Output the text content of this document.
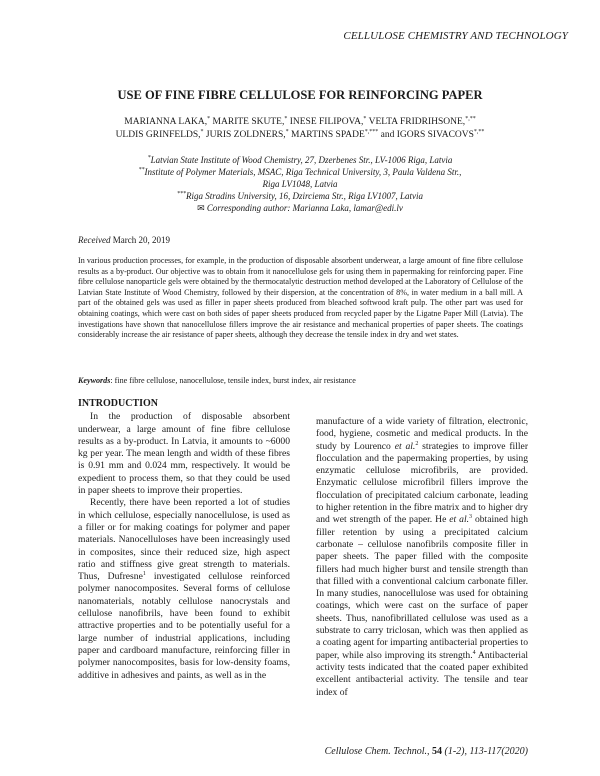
CELLULOSE CHEMISTRY AND TECHNOLOGY
USE OF FINE FIBRE CELLULOSE FOR REINFORCING PAPER
MARIANNA LAKA,* MARITE SKUTE,* INESE FILIPOVA,* VELTA FRIDRIHSONE,*,**
ULDIS GRINFELDS,* JURIS ZOLDNERS,* MARTINS SPADE*,*** and IGORS SIVACOVS*,**
*Latvian State Institute of Wood Chemistry, 27, Dzerbenes Str., LV-1006 Riga, Latvia
**Institute of Polymer Materials, MSAC, Riga Technical University, 3, Paula Valdena Str.,
Riga LV1048, Latvia
***Riga Stradins University, 16, Dzirciema Str., Riga LV1007, Latvia
✉ Corresponding author: Marianna Laka, lamar@edi.lv
Received March 20, 2019
In various production processes, for example, in the production of disposable absorbent underwear, a large amount of fine fibre cellulose results as a by-product. Our objective was to obtain from it nanocellulose gels for using them in papermaking for reinforcing paper. Fine fibre cellulose nanoparticle gels were obtained by the thermocatalytic destruction method developed at the Laboratory of Cellulose of the Latvian State Institute of Wood Chemistry, followed by their dispersion, at the concentration of 8%, in water medium in a ball mill. A part of the obtained gels was used as filler in paper sheets produced from bleached softwood kraft pulp. The other part was used for obtaining coatings, which were cast on both sides of paper sheets produced from recycled paper by the Ligatne Paper Mill (Latvia). The investigations have shown that nanocellulose fillers improve the air resistance and mechanical properties of paper sheets. The coatings considerably increase the air resistance of paper sheets, although they decrease the tensile index in dry and wet states.
Keywords: fine fibre cellulose, nanocellulose, tensile index, burst index, air resistance

INTRODUCTION

In the production of disposable absorbent underwear, a large amount of fine fibre cellulose results as a by-product. In Latvia, it amounts to ~6000 kg per year. The mean length and width of these fibres is 0.91 mm and 0.024 mm, respectively. It would be expedient to process them, so that they could be used in paper sheets to improve their properties.

Recently, there have been reported a lot of studies in which cellulose, especially nanocellulose, is used as a filler or for making coatings for polymer and paper materials. Nanocelluloses have been increasingly used in composites, since their reduced size, high aspect ratio and stiffness give great strength to materials. Thus, Dufresne$^1$ investigated cellulose reinforced polymer nanocomposites. Several forms of cellulose nanomaterials, notably cellulose nanocrystals and cellulose nanofibrils, have been found to exhibit attractive properties and to be potentially useful for a large number of industrial applications, including paper and cardboard manufacture, reinforcing filler in polymer nanocomposites, basis for low-density foams, additive in adhesives and paints, as well as in the

manufacture of a wide variety of filtration, electronic, food, hygiene, cosmetic and medical products. In the study by Lourenco et al.$^2$ strategies to improve filler flocculation and the papermaking properties, by using enzymatic cellulose microfibrils, are provided. Enzymatic cellulose microfibril fillers improve the flocculation of precipitated calcium carbonate, leading to higher retention in the fibre matrix and to higher dry and wet strength of the paper. He et al.$^3$ obtained high filler retention by using a precipitated calcium carbonate – cellulose nanofibrils composite filler in paper sheets. The paper filled with the composite fillers had much higher burst and tensile strength than that filled with a conventional calcium carbonate filler. In many studies, nanocellulose was used for obtaining coatings, which were cast on the surface of paper sheets. Thus, nanofibrillated cellulose was used as a substrate to carry triclosan, which was then applied as a coating agent for imparting antibacterial properties to paper, while also improving its strength.$^4$ Antibacterial activity tests indicated that the coated paper exhibited excellent antibacterial activity. The tensile and tear index of

Cellulose Chem. Technol., 54 (1-2), 113-117(2020)
